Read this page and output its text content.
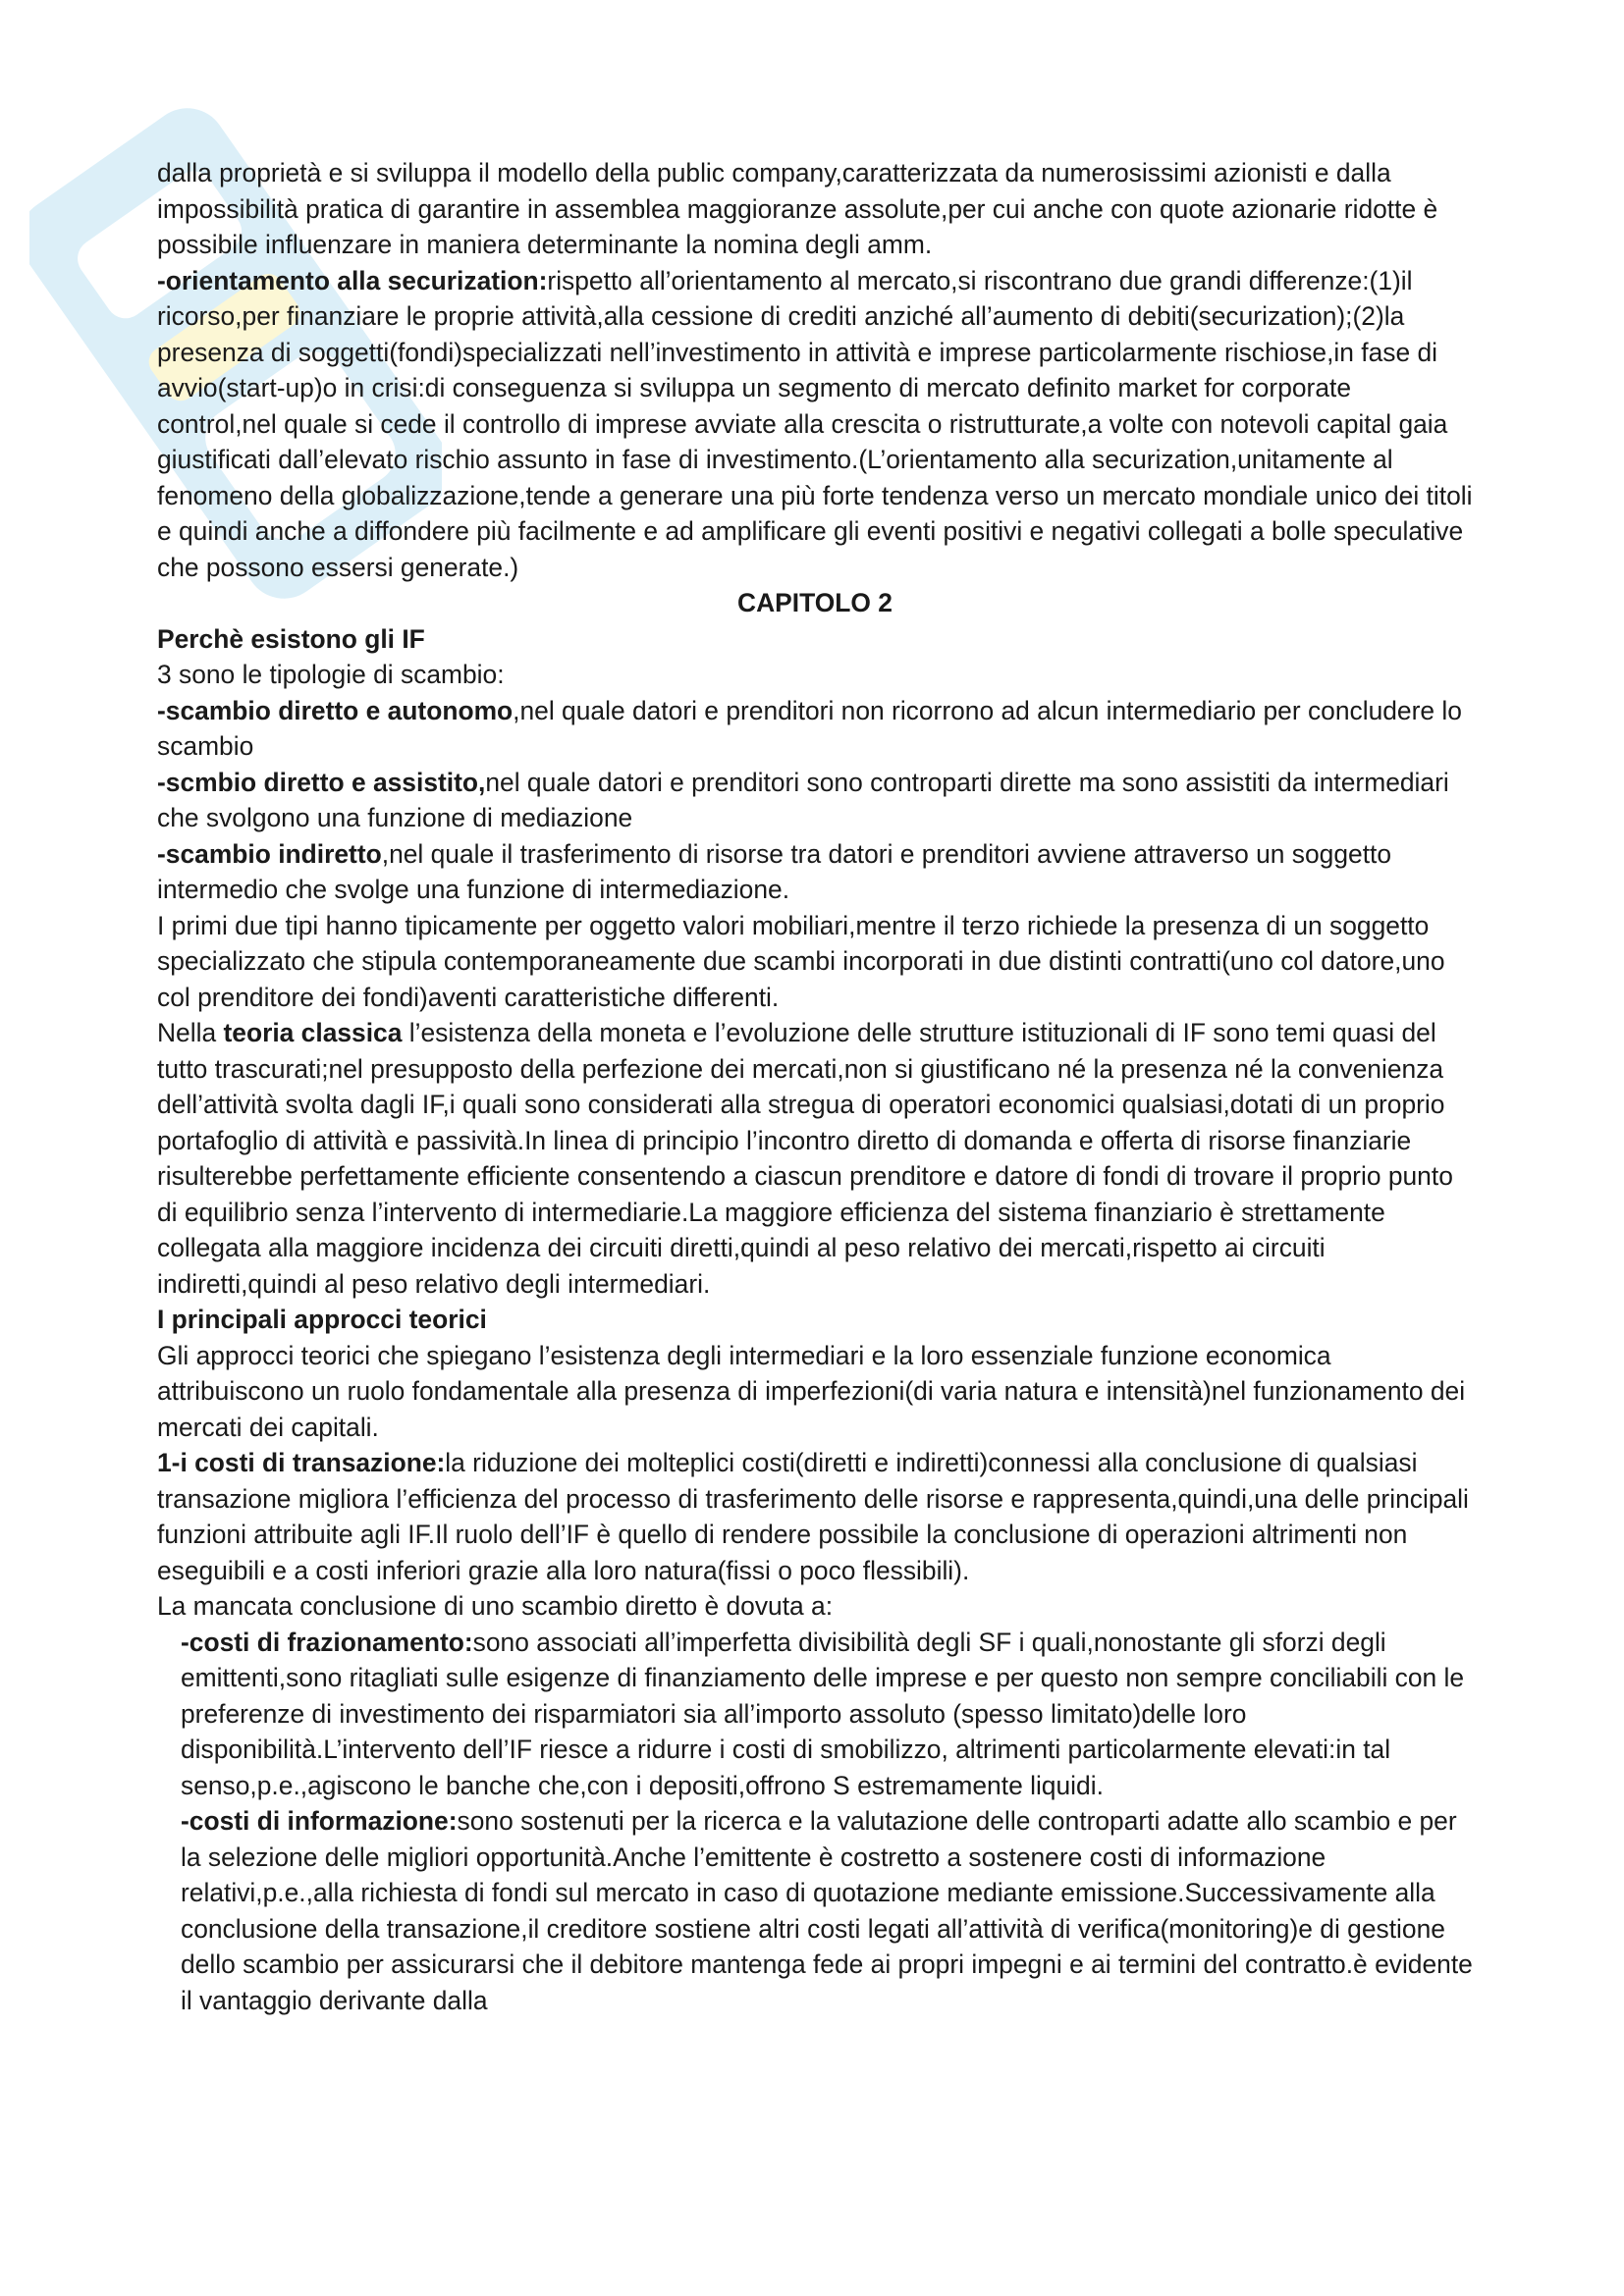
dalla proprietà e si sviluppa il modello della public company,caratterizzata da numerosissimi azionisti e dalla impossibilità pratica di garantire in assemblea maggioranze assolute,per cui anche con quote azionarie ridotte è possibile influenzare in maniera determinante la nomina degli amm.

-orientamento alla securization:rispetto all’orientamento al mercato,si riscontrano due grandi differenze:(1)il ricorso,per finanziare le proprie attività,alla cessione di crediti anziché all’aumento di debiti(securization);(2)la presenza di soggetti(fondi)specializzati nell’investimento in attività e imprese particolarmente rischiose,in fase di avvio(start-up)o in crisi:di conseguenza si sviluppa un segmento di mercato definito market for corporate control,nel quale si cede il controllo di imprese avviate alla crescita o ristrutturate,a volte con notevoli capital gaia giustificati dall’elevato rischio assunto in fase di investimento.(L’orientamento alla securization,unitamente al fenomeno della globalizzazione,tende a generare una più forte tendenza verso un mercato mondiale unico dei titoli e quindi anche a diffondere più facilmente e ad amplificare gli eventi positivi e negativi collegati a bolle speculative che possono essersi generate.)

CAPITOLO 2

Perchè esistono gli IF

3 sono le tipologie di scambio:

-scambio diretto e autonomo,nel quale datori e prenditori non ricorrono ad alcun intermediario per concludere lo scambio

-scmbio diretto e assistito,nel quale datori e prenditori sono controparti dirette ma sono assistiti da intermediari che svolgono una funzione di mediazione

-scambio indiretto,nel quale il trasferimento di risorse tra datori e prenditori avviene attraverso un soggetto intermedio che svolge una funzione di intermediazione.

I primi due tipi hanno tipicamente per oggetto valori mobiliari,mentre il terzo richiede la presenza di un soggetto specializzato che stipula contemporaneamente due scambi incorporati in due distinti contratti(uno col datore,uno col prenditore dei fondi)aventi caratteristiche differenti.

Nella teoria classica l’esistenza della moneta e l’evoluzione delle strutture istituzionali di IF sono temi quasi del tutto trascurati;nel presupposto della perfezione dei mercati,non si giustificano né la presenza né la convenienza dell’attività svolta dagli IF,i quali sono considerati alla stregua di operatori economici qualsiasi,dotati di un proprio portafoglio di attività e passività.In linea di principio l’incontro diretto di domanda e offerta di risorse finanziarie risulterebbe perfettamente efficiente consentendo a ciascun prenditore e datore di fondi di trovare il proprio punto di equilibrio senza l’intervento di intermediarie.La maggiore efficienza del sistema finanziario è strettamente collegata alla maggiore incidenza dei circuiti diretti,quindi al peso relativo dei mercati,rispetto ai circuiti indiretti,quindi al peso relativo degli intermediari.

I principali approcci teorici

Gli approcci teorici che spiegano l’esistenza degli intermediari e la loro essenziale funzione economica attribuiscono un ruolo fondamentale alla presenza di imperfezioni(di varia natura e intensità)nel funzionamento dei mercati dei capitali.

1-i costi di transazione:la riduzione dei molteplici costi(diretti e indiretti)connessi alla conclusione di qualsiasi transazione migliora l’efficienza del processo di trasferimento delle risorse e rappresenta,quindi,una delle principali funzioni attribuite agli IF.Il ruolo dell’IF è quello di rendere possibile la conclusione di operazioni altrimenti non eseguibili e a costi inferiori grazie alla loro natura(fissi o poco flessibili).

La mancata conclusione di uno scambio diretto è dovuta a:

-costi di frazionamento:sono associati all’imperfetta divisibilità degli SF i quali,nonostante gli sforzi degli emittenti,sono ritagliati sulle esigenze di finanziamento delle imprese e per questo non sempre conciliabili con le preferenze di investimento dei risparmiatori sia all’importo assoluto (spesso limitato)delle loro disponibilità.L’intervento dell’IF riesce a ridurre i costi di smobilizzo, altrimenti particolarmente elevati:in tal senso,p.e.,agiscono le banche che,con i depositi,offrono S estremamente liquidi.

-costi di informazione:sono sostenuti per la ricerca e la valutazione delle controparti adatte allo scambio e per la selezione delle migliori opportunità.Anche l’emittente è costretto a sostenere costi di informazione relativi,p.e.,alla richiesta di fondi sul mercato in caso di quotazione mediante emissione.Successivamente alla conclusione della transazione,il creditore sostiene altri costi legati all’attività di verifica(monitoring)e di gestione dello scambio per assicurarsi che il debitore mantenga fede ai propri impegni e ai termini del contratto.è evidente il vantaggio derivante dalla
